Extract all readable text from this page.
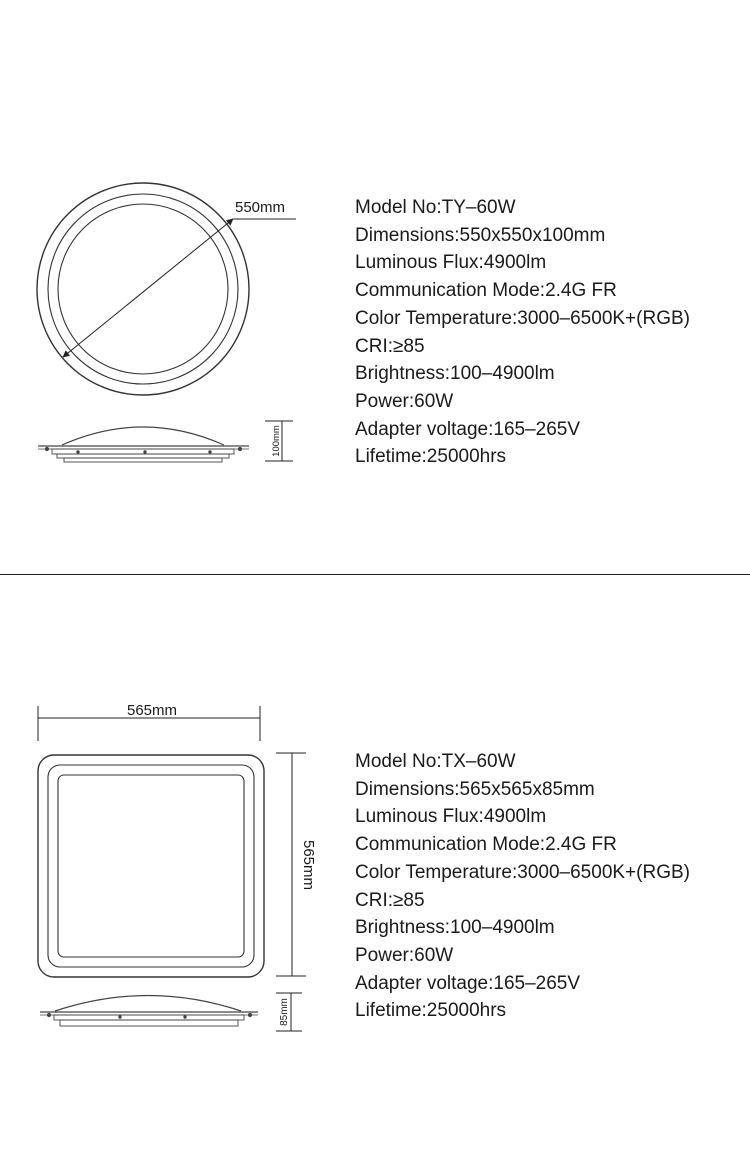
550mm
100mm
Model No:TY–60W
Dimensions:550x550x100mm
Luminous Flux:4900lm
Communication Mode:2.4G FR
Color Temperature:3000–6500K+(RGB)
CRI:≥85
Brightness:100–4900lm
Power:60W
Adapter voltage:165–265V
Lifetime:25000hrs
565mm
565mm
85mm
Model No:TX–60W
Dimensions:565x565x85mm
Luminous Flux:4900lm
Communication Mode:2.4G FR
Color Temperature:3000–6500K+(RGB)
CRI:≥85
Brightness:100–4900lm
Power:60W
Adapter voltage:165–265V
Lifetime:25000hrs
